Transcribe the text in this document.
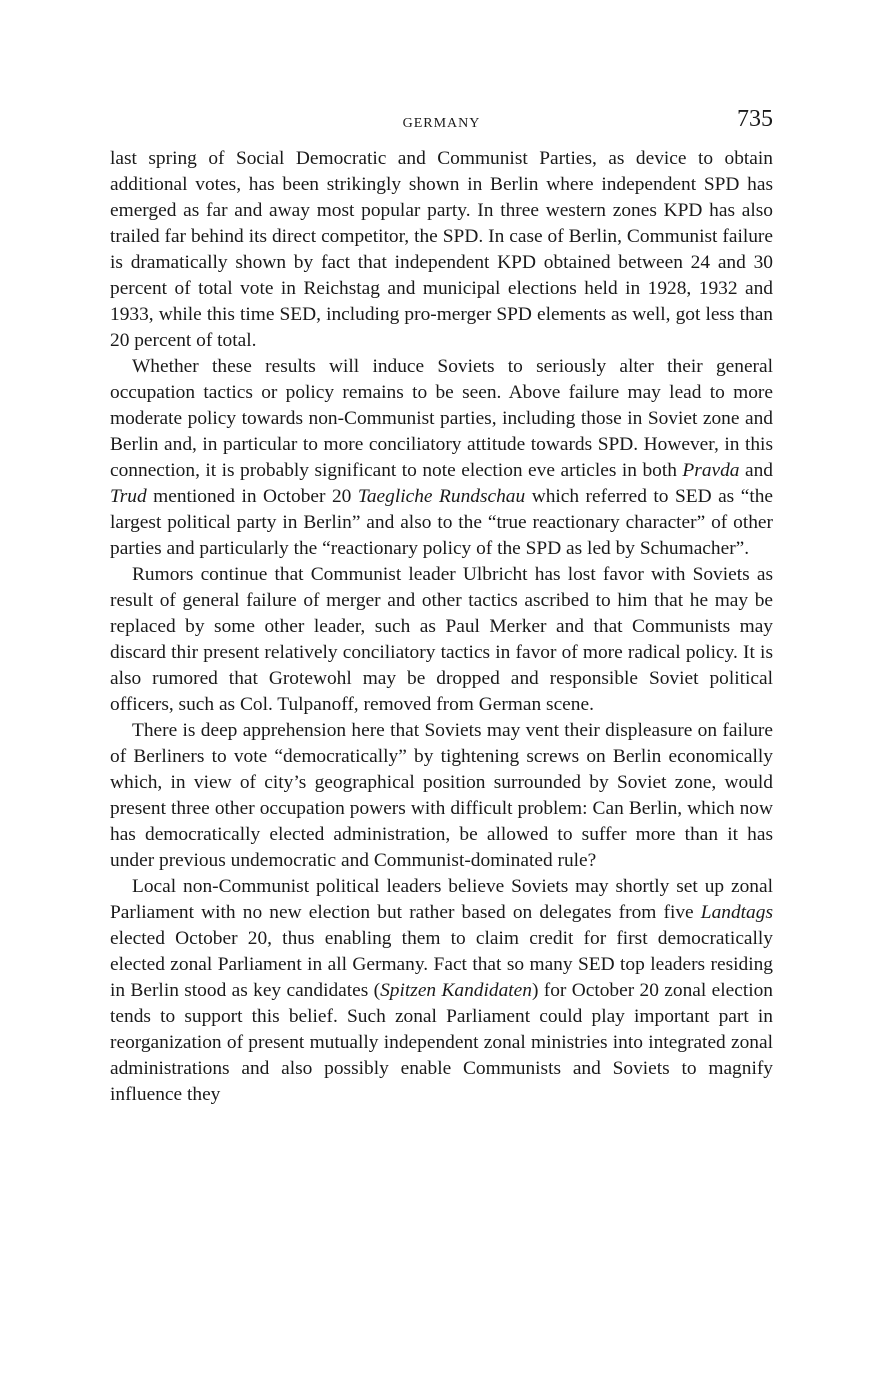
GERMANY	735

last spring of Social Democratic and Communist Parties, as device to obtain additional votes, has been strikingly shown in Berlin where independent SPD has emerged as far and away most popular party. In three western zones KPD has also trailed far behind its direct competitor, the SPD. In case of Berlin, Communist failure is dramatically shown by fact that independent KPD obtained between 24 and 30 percent of total vote in Reichstag and municipal elections held in 1928, 1932 and 1933, while this time SED, including pro-merger SPD elements as well, got less than 20 percent of total.

Whether these results will induce Soviets to seriously alter their general occupation tactics or policy remains to be seen. Above failure may lead to more moderate policy towards non-Communist parties, including those in Soviet zone and Berlin and, in particular to more conciliatory attitude towards SPD. However, in this connection, it is probably significant to note election eve articles in both Pravda and Trud mentioned in October 20 Taegliche Rundschau which referred to SED as “the largest political party in Berlin” and also to the “true reactionary character” of other parties and particularly the “reactionary policy of the SPD as led by Schumacher”.

Rumors continue that Communist leader Ulbricht has lost favor with Soviets as result of general failure of merger and other tactics ascribed to him that he may be replaced by some other leader, such as Paul Merker and that Communists may discard thir present relatively conciliatory tactics in favor of more radical policy. It is also rumored that Grotewohl may be dropped and responsible Soviet political officers, such as Col. Tulpanoff, removed from German scene.

There is deep apprehension here that Soviets may vent their displeasure on failure of Berliners to vote “democratically” by tightening screws on Berlin economically which, in view of city’s geographical position surrounded by Soviet zone, would present three other occupation powers with difficult problem: Can Berlin, which now has democratically elected administration, be allowed to suffer more than it has under previous undemocratic and Communist-dominated rule?

Local non-Communist political leaders believe Soviets may shortly set up zonal Parliament with no new election but rather based on delegates from five Landtags elected October 20, thus enabling them to claim credit for first democratically elected zonal Parliament in all Germany. Fact that so many SED top leaders residing in Berlin stood as key candidates (Spitzen Kandidaten) for October 20 zonal election tends to support this belief. Such zonal Parliament could play important part in reorganization of present mutually independent zonal ministries into integrated zonal administrations and also possibly enable Communists and Soviets to magnify influence they
